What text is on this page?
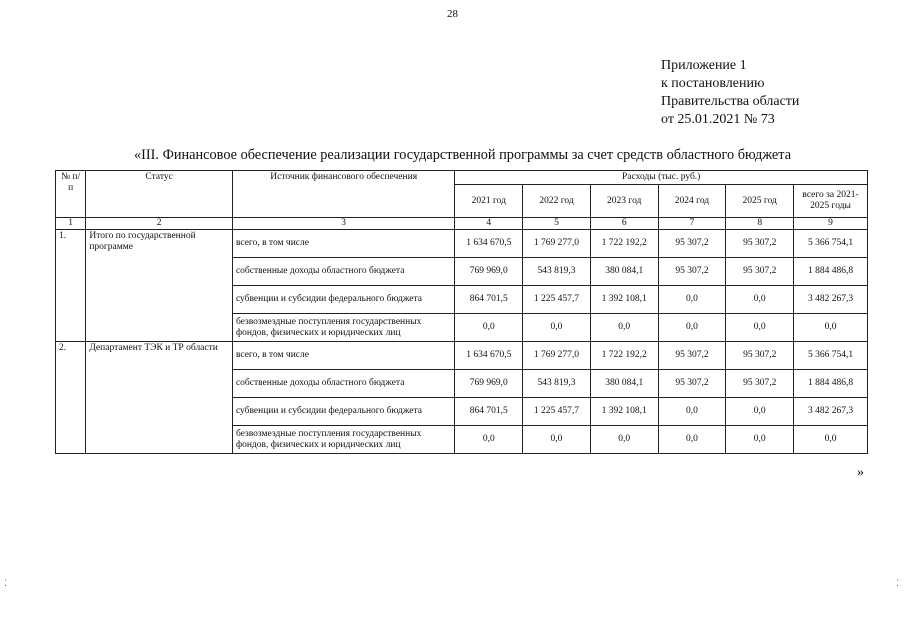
28
Приложение 1
к постановлению
Правительства области
от 25.01.2021 № 73
«III. Финансовое обеспечение реализации государственной программы за счет средств областного бюджета
№ п/п	Статус	Источник финансового обеспечения	Расходы (тыс. руб.)					
			2021 год	2022 год	2023 год	2024 год	2025 год	всего за 2021-2025 годы
1	2	3	4	5	6	7	8	9
1.	Итого по государственной программе	всего, в том числе	1 634 670,5	1 769 277,0	1 722 192,2	95 307,2	95 307,2	5 366 754,1
		собственные доходы областного бюджета	769 969,0	543 819,3	380 084,1	95 307,2	95 307,2	1 884 486,8
		субвенции и субсидии федерального бюджета	864 701,5	1 225 457,7	1 392 108,1	0,0	0,0	3 482 267,3
		безвозмездные поступления государственных фондов, физических и юридических лиц	0,0	0,0	0,0	0,0	0,0	0,0
2.	Департамент ТЭК и ТР области	всего, в том числе	1 634 670,5	1 769 277,0	1 722 192,2	95 307,2	95 307,2	5 366 754,1
		собственные доходы областного бюджета	769 969,0	543 819,3	380 084,1	95 307,2	95 307,2	1 884 486,8
		субвенции и субсидии федерального бюджета	864 701,5	1 225 457,7	1 392 108,1	0,0	0,0	3 482 267,3
		безвозмездные поступления государственных фондов, физических и юридических лиц	0,0	0,0	0,0	0,0	0,0	0,0
»
⁚	⁚
